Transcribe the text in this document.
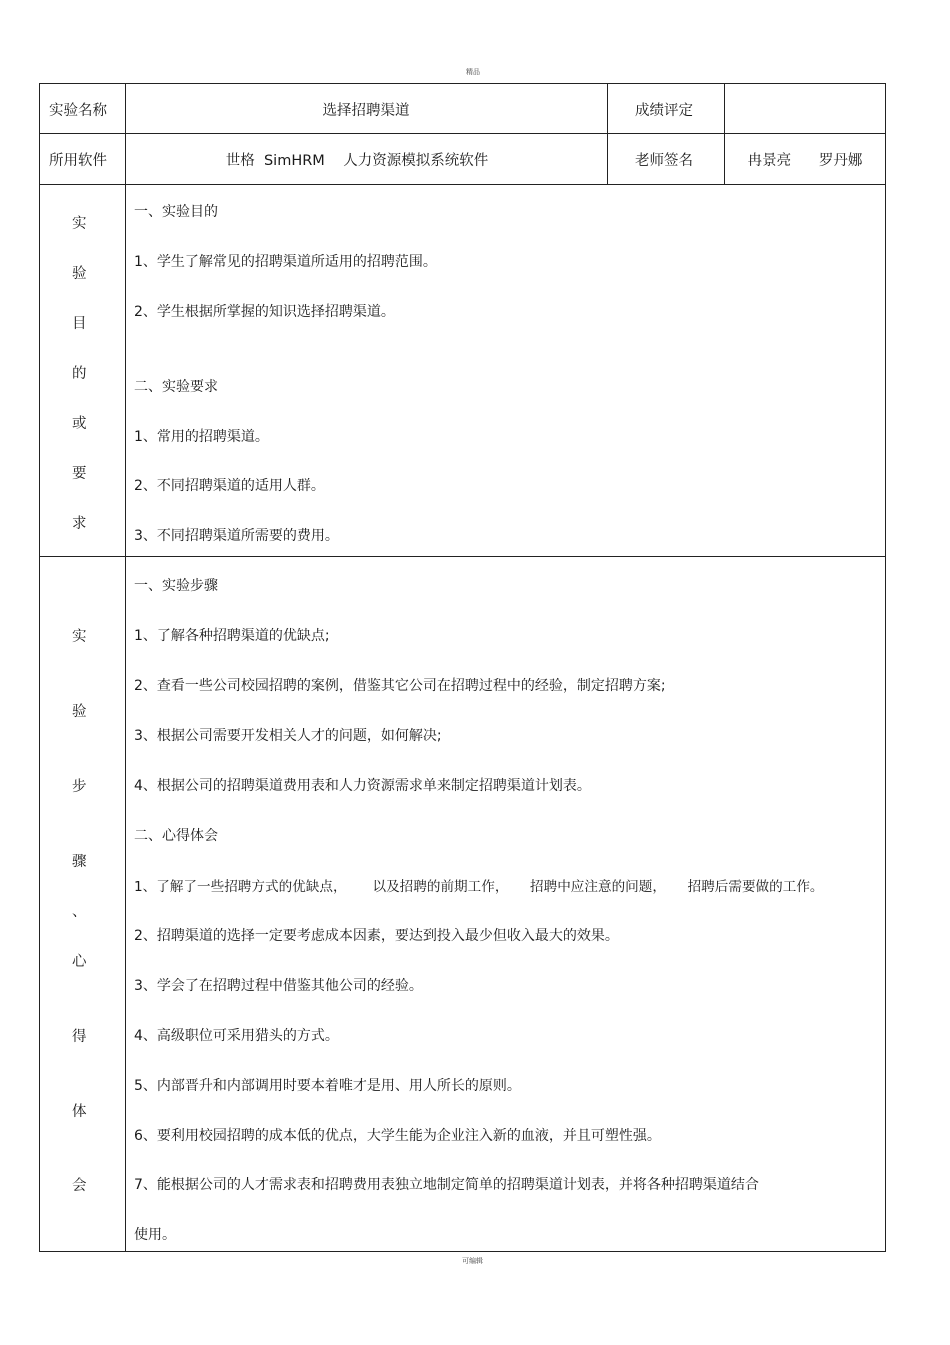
精品
实验名称	选择招聘渠道	成绩评定
所用软件	世格  SimHRM    人力资源模拟系统软件	老师签名	冉景亮      罗丹娜
实
验
目
的
或
要
求
一、实验目的
1、学生了解常见的招聘渠道所适用的招聘范围。
2、学生根据所掌握的知识选择招聘渠道。
二、实验要求
1、常用的招聘渠道。
2、不同招聘渠道的适用人群。
3、不同招聘渠道所需要的费用。
实
验
步
骤
、
心
得
体
会
一、实验步骤
1、了解各种招聘渠道的优缺点;
2、查看一些公司校园招聘的案例，借鉴其它公司在招聘过程中的经验，制定招聘方案;
3、根据公司需要开发相关人才的问题，如何解决;
4、根据公司的招聘渠道费用表和人力资源需求单来制定招聘渠道计划表。
二、心得体会
1、了解了一些招聘方式的优缺点，      以及招聘的前期工作，     招聘中应注意的问题，     招聘后需要做的工作。
2、招聘渠道的选择一定要考虑成本因素，要达到投入最少但收入最大的效果。
3、学会了在招聘过程中借鉴其他公司的经验。
4、高级职位可采用猎头的方式。
5、内部晋升和内部调用时要本着唯才是用、用人所长的原则。
6、要利用校园招聘的成本低的优点，大学生能为企业注入新的血液，并且可塑性强。
7、能根据公司的人才需求表和招聘费用表独立地制定简单的招聘渠道计划表，并将各种招聘渠道结合
使用。
可编辑
